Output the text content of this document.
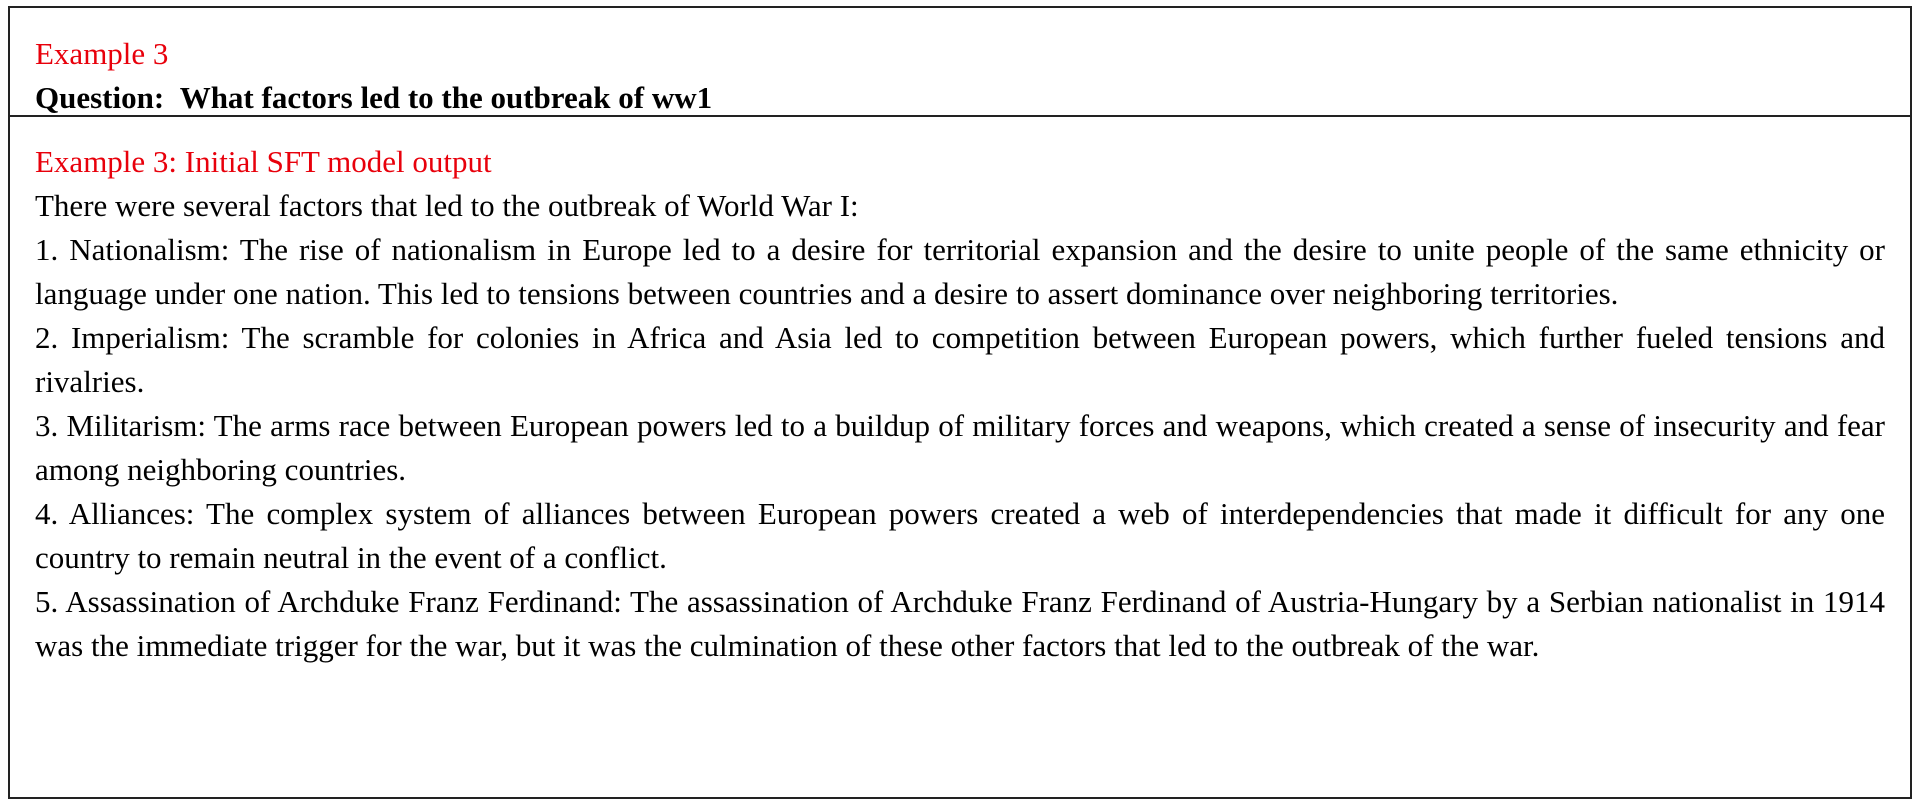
Example 3
Question: What factors led to the outbreak of ww1
Example 3: Initial SFT model output

There were several factors that led to the outbreak of World War I:

1. Nationalism: The rise of nationalism in Europe led to a desire for territorial expansion and the desire to unite people of the same ethnicity or language under one nation. This led to tensions between countries and a desire to assert dominance over neighboring territories.

2. Imperialism: The scramble for colonies in Africa and Asia led to competition between European powers, which further fueled tensions and rivalries.

3. Militarism: The arms race between European powers led to a buildup of military forces and weapons, which created a sense of insecurity and fear among neighboring countries.

4. Alliances: The complex system of alliances between European powers created a web of interdependencies that made it difficult for any one country to remain neutral in the event of a conflict.

5. Assassination of Archduke Franz Ferdinand: The assassination of Archduke Franz Ferdinand of Austria-Hungary by a Serbian nationalist in 1914 was the immediate trigger for the war, but it was the culmination of these other factors that led to the outbreak of the war.
